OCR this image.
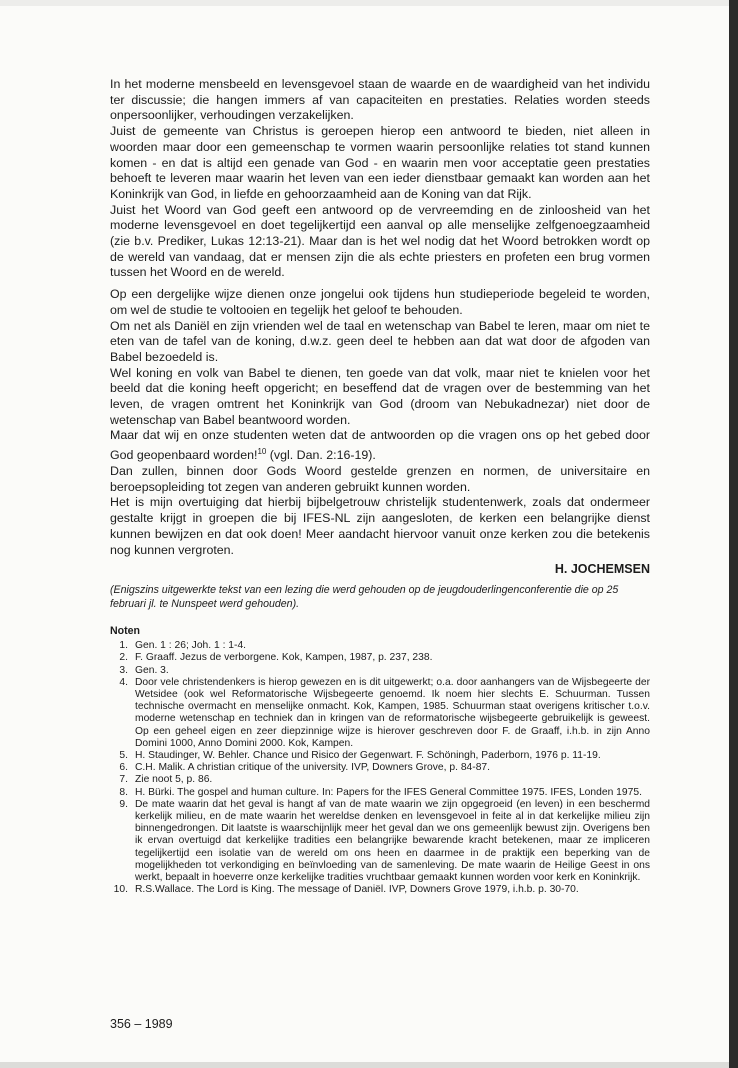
In het moderne mensbeeld en levensgevoel staan de waarde en de waardigheid van het individu ter discussie; die hangen immers af van capaciteiten en prestaties. Relaties worden steeds onpersoonlijker, verhoudingen verzakelijken.

Juist de gemeente van Christus is geroepen hierop een antwoord te bieden, niet alleen in woorden maar door een gemeenschap te vormen waarin persoonlijke relaties tot stand kunnen komen - en dat is altijd een genade van God - en waarin men voor acceptatie geen prestaties behoeft te leveren maar waarin het leven van een ieder dienstbaar gemaakt kan worden aan het Koninkrijk van God, in liefde en gehoorzaamheid aan de Koning van dat Rijk.

Juist het Woord van God geeft een antwoord op de vervreemding en de zinloosheid van het moderne levensgevoel en doet tegelijkertijd een aanval op alle menselijke zelfgenoegzaamheid (zie b.v. Prediker, Lukas 12:13-21). Maar dan is het wel nodig dat het Woord betrokken wordt op de wereld van vandaag, dat er mensen zijn die als echte priesters en profeten een brug vormen tussen het Woord en de wereld.

Op een dergelijke wijze dienen onze jongelui ook tijdens hun studieperiode begeleid te worden, om wel de studie te voltooien en tegelijk het geloof te behouden.

Om net als Daniël en zijn vrienden wel de taal en wetenschap van Babel te leren, maar om niet te eten van de tafel van de koning, d.w.z. geen deel te hebben aan dat wat door de afgoden van Babel bezoedeld is.

Wel koning en volk van Babel te dienen, ten goede van dat volk, maar niet te knielen voor het beeld dat die koning heeft opgericht; en beseffend dat de vragen over de bestemming van het leven, de vragen omtrent het Koninkrijk van God (droom van Nebukadnezar) niet door de wetenschap van Babel beantwoord worden.

Maar dat wij en onze studenten weten dat de antwoorden op die vragen ons op het gebed door God geopenbaard worden!$^{10}$ (vgl. Dan. 2:16-19).

Dan zullen, binnen door Gods Woord gestelde grenzen en normen, de universitaire en beroepsopleiding tot zegen van anderen gebruikt kunnen worden.

Het is mijn overtuiging dat hierbij bijbelgetrouw christelijk studentenwerk, zoals dat ondermeer gestalte krijgt in groepen die bij IFES-NL zijn aangesloten, de kerken een belangrijke dienst kunnen bewijzen en dat ook doen! Meer aandacht hiervoor vanuit onze kerken zou die betekenis nog kunnen vergroten.

H. JOCHEMSEN
(Enigszins uitgewerkte tekst van een lezing die werd gehouden op de jeugdouderlingenconferentie die op 25 februari jl. te Nunspeet werd gehouden).
Noten
1. Gen. 1 : 26; Joh. 1 : 1-4.
2. F. Graaff. Jezus de verborgene. Kok, Kampen, 1987, p. 237, 238.
3. Gen. 3.
4. Door vele christendenkers is hierop gewezen en is dit uitgewerkt; o.a. door aanhangers van de Wijsbegeerte der Wetsidee (ook wel Reformatorische Wijsbegeerte genoemd. Ik noem hier slechts E. Schuurman. Tussen technische overmacht en menselijke onmacht. Kok, Kampen, 1985. Schuurman staat overigens kritischer t.o.v. moderne wetenschap en techniek dan in kringen van de reformatorische wijsbegeerte gebruikelijk is geweest. Op een geheel eigen en zeer diepzinnige wijze is hierover geschreven door F. de Graaff, i.h.b. in zijn Anno Domini 1000, Anno Domini 2000. Kok, Kampen.
5. H. Staudinger, W. Behler. Chance und Risico der Gegenwart. F. Schöningh, Paderborn, 1976 p. 11-19.
6. C.H. Malik. A christian critique of the university. IVP, Downers Grove, p. 84-87.
7. Zie noot 5, p. 86.
8. H. Bürki. The gospel and human culture. In: Papers for the IFES General Committee 1975. IFES, Londen 1975.
9. De mate waarin dat het geval is hangt af van de mate waarin we zijn opgegroeid (en leven) in een beschermd kerkelijk milieu, en de mate waarin het wereldse denken en levensgevoel in feite al in dat kerkelijke milieu zijn binnengedrongen. Dit laatste is waarschijnlijk meer het geval dan we ons gemeenlijk bewust zijn. Overigens ben ik ervan overtuigd dat kerkelijke tradities een belangrijke bewarende kracht betekenen, maar ze impliceren tegelijkertijd een isolatie van de wereld om ons heen en daarmee in de praktijk een beperking van de mogelijkheden tot verkondiging en beïnvloeding van de samenleving. De mate waarin de Heilige Geest in ons werkt, bepaalt in hoeverre onze kerkelijke tradities vruchtbaar gemaakt kunnen worden voor kerk en Koninkrijk.
10. R.S.Wallace. The Lord is King. The message of Daniël. IVP, Downers Grove 1979, i.h.b. p. 30-70.
356 – 1989
